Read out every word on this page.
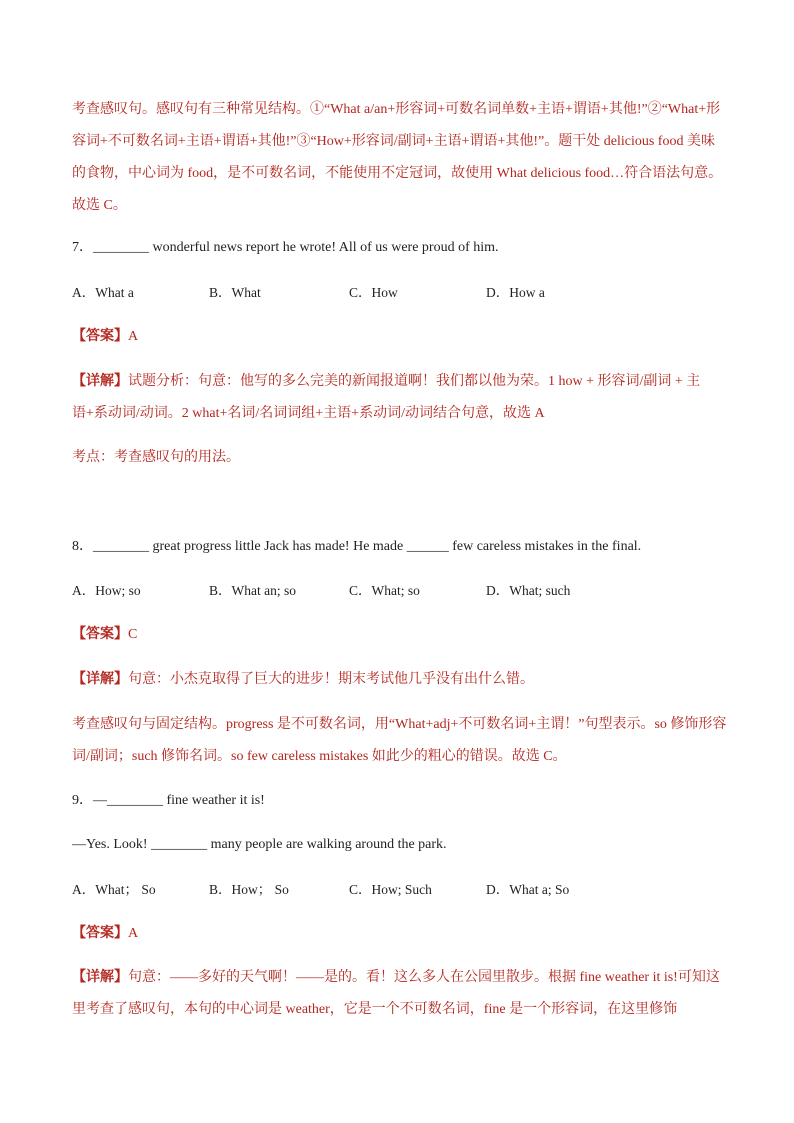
考查感叹句。感叹句有三种常见结构。①“What a/an+形容词+可数名词单数+主语+谓语+其他!”②“What+形
容词+不可数名词+主语+谓语+其他!”③“How+形容词/副词+主语+谓语+其他!”。题干处 delicious food 美味
的食物，中心词为 food，是不可数名词，不能使用不定冠词，故使用 What delicious food…符合语法句意。
故选 C。
7．________ wonderful news report he wrote! All of us were proud of him.
A．What a	B．What	C．How	D．How a
【答案】A
【详解】试题分析：句意：他写的多么完美的新闻报道啊！我们都以他为荣。1 how + 形容词/副词 + 主
语+系动词/动词。2 what+名词/名词词组+主语+系动词/动词结合句意，故选 A
考点：考查感叹句的用法。
8．________ great progress little Jack has made! He made ______ few careless mistakes in the final.
A．How; so	B．What an; so	C．What; so	D．What; such
【答案】C
【详解】句意：小杰克取得了巨大的进步！期末考试他几乎没有出什么错。
考查感叹句与固定结构。progress 是不可数名词，用“What+adj+不可数名词+主谓！”句型表示。so 修饰形容
词/副词；such 修饰名词。so few careless mistakes 如此少的粗心的错误。故选 C。
9．—________ fine weather it is!
—Yes. Look! ________ many people are walking around the park.
A．What； So	B．How； So	C．How; Such	D．What a; So
【答案】A
【详解】句意：——多好的天气啊！——是的。看！这么多人在公园里散步。根据 fine weather it is!可知这
里考查了感叹句，本句的中心词是 weather，它是一个不可数名词，fine 是一个形容词，在这里修饰
